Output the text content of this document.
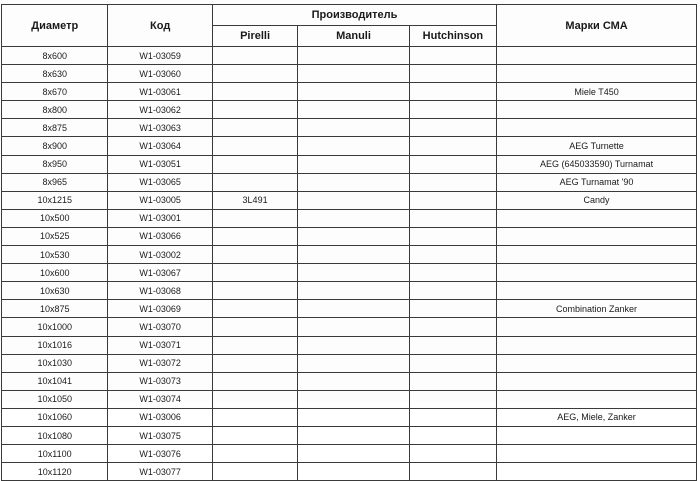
Диаметр	Код	Производитель			Марки СМА
		Pirelli	Manuli	Hutchinson	
8x600	W1-03059				
8x630	W1-03060				
8x670	W1-03061				Miele T450
8x800	W1-03062				
8x875	W1-03063				
8x900	W1-03064				AEG Turnette
8x950	W1-03051				AEG (645033590) Turnamat
8x965	W1-03065				AEG Turnamat '90
10x1215	W1-03005	3L491			Candy
10x500	W1-03001				
10x525	W1-03066				
10x530	W1-03002				
10x600	W1-03067				
10x630	W1-03068				
10x875	W1-03069				Combination Zanker
10x1000	W1-03070				
10x1016	W1-03071				
10x1030	W1-03072				
10x1041	W1-03073				
10x1050	W1-03074				
10x1060	W1-03006				AEG, Miele, Zanker
10x1080	W1-03075				
10x1100	W1-03076				
10x1120	W1-03077				
